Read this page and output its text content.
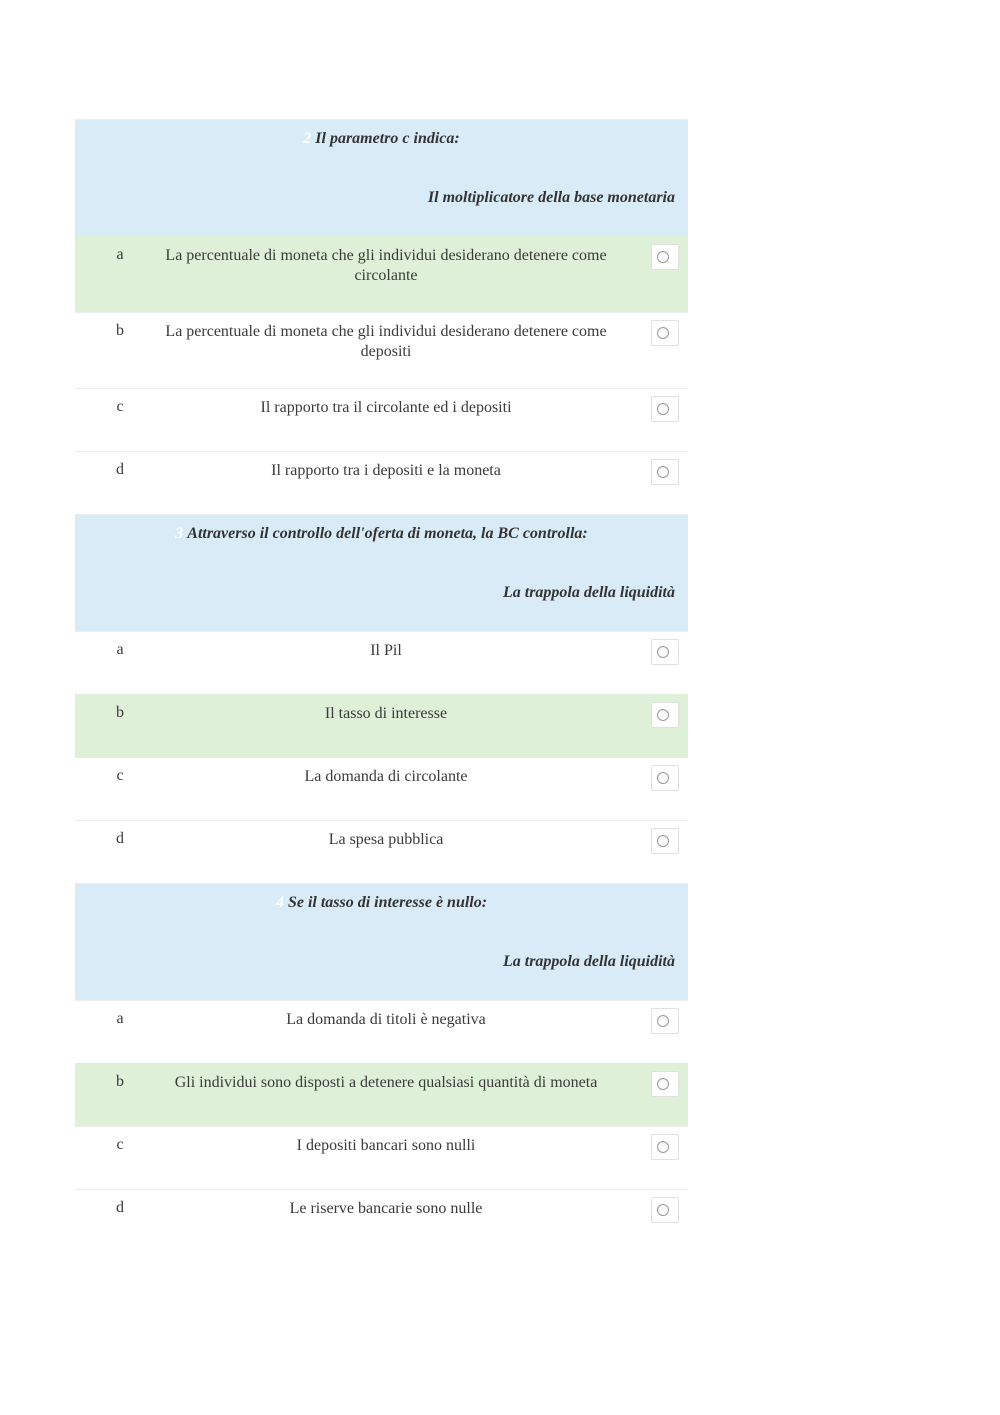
2 Il parametro c indica:
Il moltiplicatore della base monetaria
a	La percentuale di moneta che gli individui desiderano detenere come circolante
b	La percentuale di moneta che gli individui desiderano detenere come depositi
c	Il rapporto tra il circolante ed i depositi
d	Il rapporto tra i depositi e la moneta
3 Attraverso il controllo dell'oferta di moneta, la BC controlla:
La trappola della liquidità
a	Il Pil
b	Il tasso di interesse
c	La domanda di circolante
d	La spesa pubblica
4 Se il tasso di interesse è nullo:
La trappola della liquidità
a	La domanda di titoli è negativa
b	Gli individui sono disposti a detenere qualsiasi quantità di moneta
c	I depositi bancari sono nulli
d	Le riserve bancarie sono nulle
